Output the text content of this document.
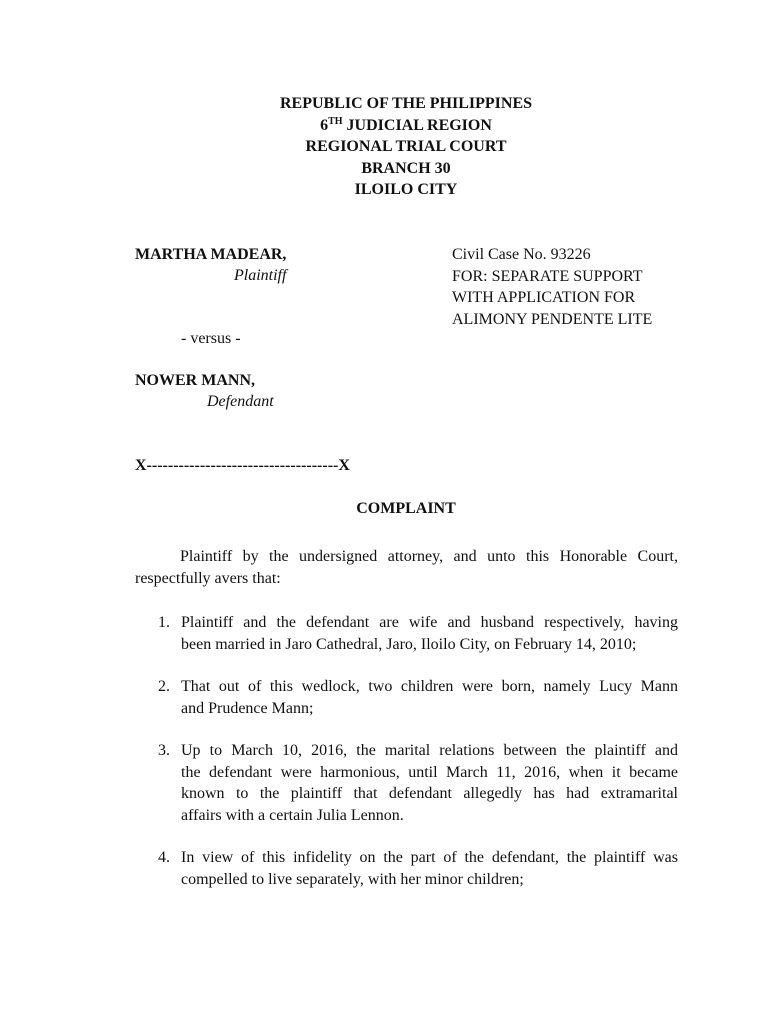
REPUBLIC OF THE PHILIPPINES
6TH JUDICIAL REGION
REGIONAL TRIAL COURT
BRANCH 30
ILOILO CITY
MARTHA MADEAR,
Plaintiff
- versus -
NOWER MANN,
Defendant
Civil Case No. 93226
FOR: SEPARATE SUPPORT
WITH APPLICATION FOR
ALIMONY PENDENTE LITE
X------------------------------------X
COMPLAINT
Plaintiff by the undersigned attorney, and unto this Honorable Court,
respectfully avers that:
1. Plaintiff and the defendant are wife and husband respectively, having
been married in Jaro Cathedral, Jaro, Iloilo City, on February 14, 2010;
2. That out of this wedlock, two children were born, namely Lucy Mann
and Prudence Mann;
3. Up to March 10, 2016, the marital relations between the plaintiff and
the defendant were harmonious, until March 11, 2016, when it became
known to the plaintiff that defendant allegedly has had extramarital
affairs with a certain Julia Lennon.
4. In view of this infidelity on the part of the defendant, the plaintiff was
compelled to live separately, with her minor children;
